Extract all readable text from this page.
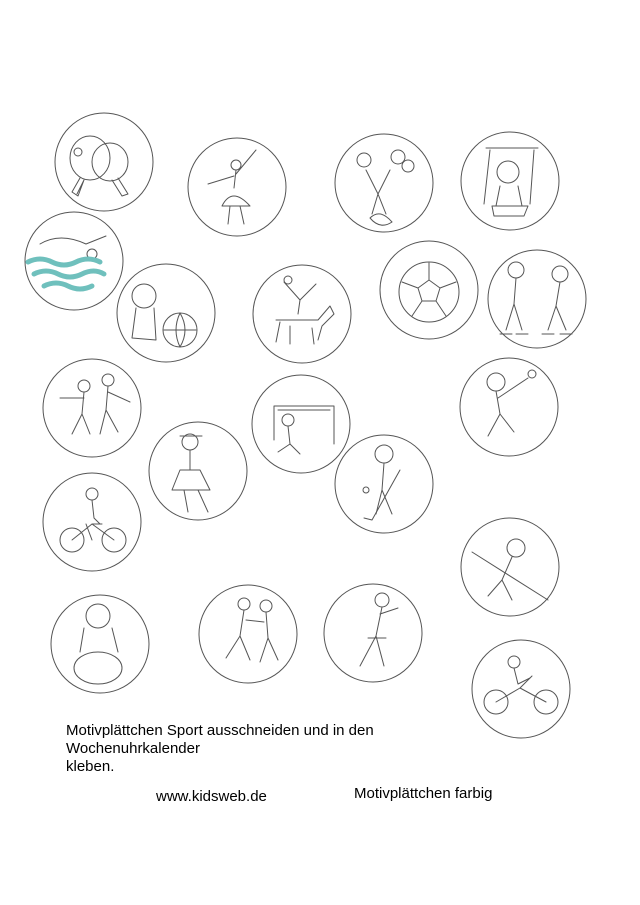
Motivplättchen Sport ausschneiden und in den
Wochenuhrkalender
kleben.
www.kidsweb.de	Motivplättchen farbig
